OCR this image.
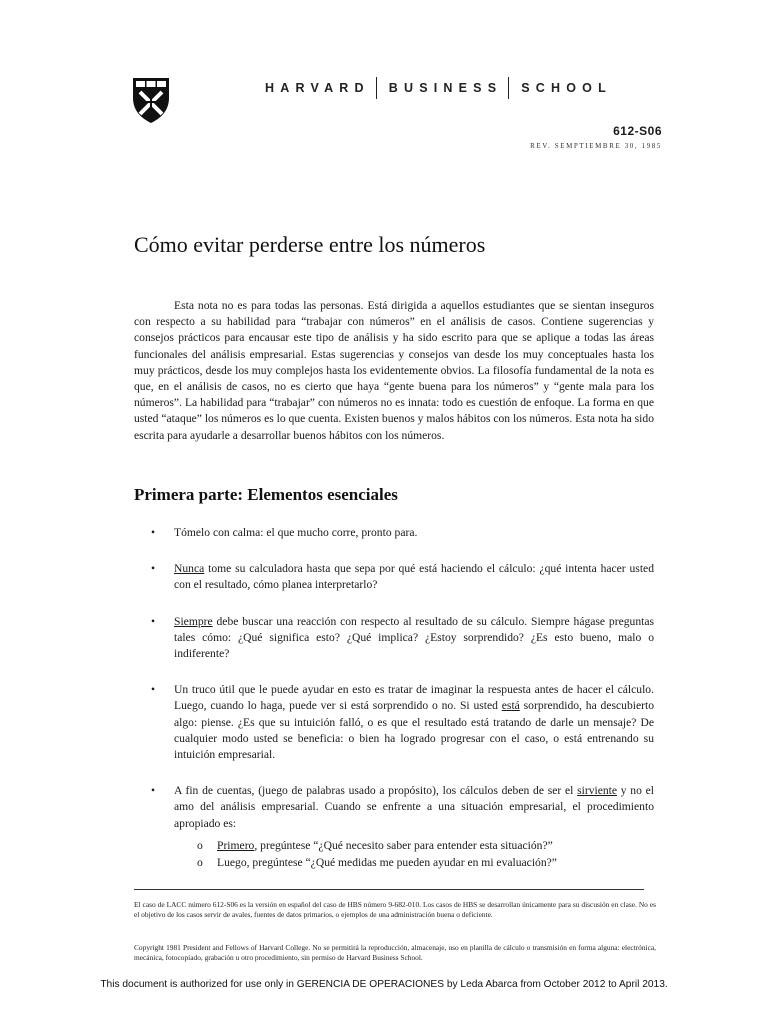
HARVARD BUSINESS SCHOOL
612-S06
REV. SEMPTIEMBRE 30, 1985
Cómo evitar perderse entre los números

Esta nota no es para todas las personas. Está dirigida a aquellos estudiantes que se sientan inseguros con respecto a su habilidad para “trabajar con números” en el análisis de casos. Contiene sugerencias y consejos prácticos para encausar este tipo de análisis y ha sido escrito para que se aplique a todas las áreas funcionales del análisis empresarial. Estas sugerencias y consejos van desde los muy conceptuales hasta los muy prácticos, desde los muy complejos hasta los evidentemente obvios. La filosofía fundamental de la nota es que, en el análisis de casos, no es cierto que haya “gente buena para los números” y “gente mala para los números”. La habilidad para “trabajar” con números no es innata: todo es cuestión de enfoque. La forma en que usted “ataque” los números es lo que cuenta. Existen buenos y malos hábitos con los números. Esta nota ha sido escrita para ayudarle a desarrollar buenos hábitos con los números.

Primera parte: Elementos esenciales
• Tómelo con calma: el que mucho corre, pronto para.
• Nunca tome su calculadora hasta que sepa por qué está haciendo el cálculo: ¿qué intenta hacer usted con el resultado, cómo planea interpretarlo?
• Siempre debe buscar una reacción con respecto al resultado de su cálculo. Siempre hágase preguntas tales cómo: ¿Qué significa esto? ¿Qué implica? ¿Estoy sorprendido? ¿Es esto bueno, malo o indiferente?
• Un truco útil que le puede ayudar en esto es tratar de imaginar la respuesta antes de hacer el cálculo. Luego, cuando lo haga, puede ver si está sorprendido o no. Si usted está sorprendido, ha descubierto algo: piense. ¿Es que su intuición falló, o es que el resultado está tratando de darle un mensaje? De cualquier modo usted se beneficia: o bien ha logrado progresar con el caso, o está entrenando su intuición empresarial.
• A fin de cuentas, (juego de palabras usado a propósito), los cálculos deben de ser el sirviente y no el amo del análisis empresarial. Cuando se enfrente a una situación empresarial, el procedimiento apropiado es:
o Primero, pregúntese “¿Qué necesito saber para entender esta situación?”
o Luego, pregúntese “¿Qué medidas me pueden ayudar en mi evaluación?”

El caso de LACC número 612-S06 es la versión en español del caso de HBS número 9-682-010. Los casos de HBS se desarrollan únicamente para su discusión en clase. No es el objetivo de los casos servir de avales, fuentes de datos primarios, o ejemplos de una administración buena o deficiente.

Copyright 1981 President and Fellows of Harvard College. No se permitirá la reproducción, almacenaje, uso en planilla de cálculo o transmisión en forma alguna: electrónica, mecánica, fotocopiado, grabación u otro procedimiento, sin permiso de Harvard Business School.

This document is authorized for use only in GERENCIA DE OPERACIONES by Leda Abarca from October 2012 to April 2013.
